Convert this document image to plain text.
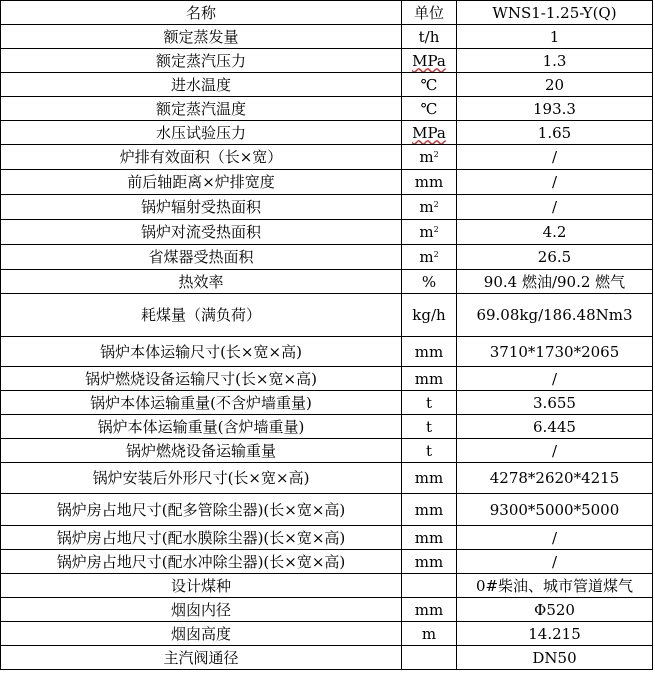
名称	单位	WNS1-1.25-Y(Q)
额定蒸发量	t/h	1
额定蒸汽压力	MPa	1.3
进水温度	℃	20
额定蒸汽温度	℃	193.3
水压试验压力	MPa	1.65
炉排有效面积（长×宽）	$m^2$	/
前后轴距离×炉排宽度	mm	/
锅炉辐射受热面积	$m^2$	/
锅炉对流受热面积	$m^2$	4.2
省煤器受热面积	$m^2$	26.5
热效率	%	90.4 燃油/90.2 燃气
耗煤量（满负荷）	kg/h	69.08kg/186.48Nm3
锅炉本体运输尺寸(长×宽×高)	mm	3710*1730*2065
锅炉燃烧设备运输尺寸(长×宽×高)	mm	/
锅炉本体运输重量(不含炉墙重量)	t	3.655
锅炉本体运输重量(含炉墙重量)	t	6.445
锅炉燃烧设备运输重量	t	/
锅炉安装后外形尺寸(长×宽×高)	mm	4278*2620*4215
锅炉房占地尺寸(配多管除尘器)(长×宽×高)	mm	9300*5000*5000
锅炉房占地尺寸(配水膜除尘器)(长×宽×高)	mm	/
锅炉房占地尺寸(配水冲除尘器)(长×宽×高)	mm	/
设计煤种		0#柴油、城市管道煤气
烟囱内径	mm	Φ520
烟囱高度	m	14.215
主汽阀通径		DN50
